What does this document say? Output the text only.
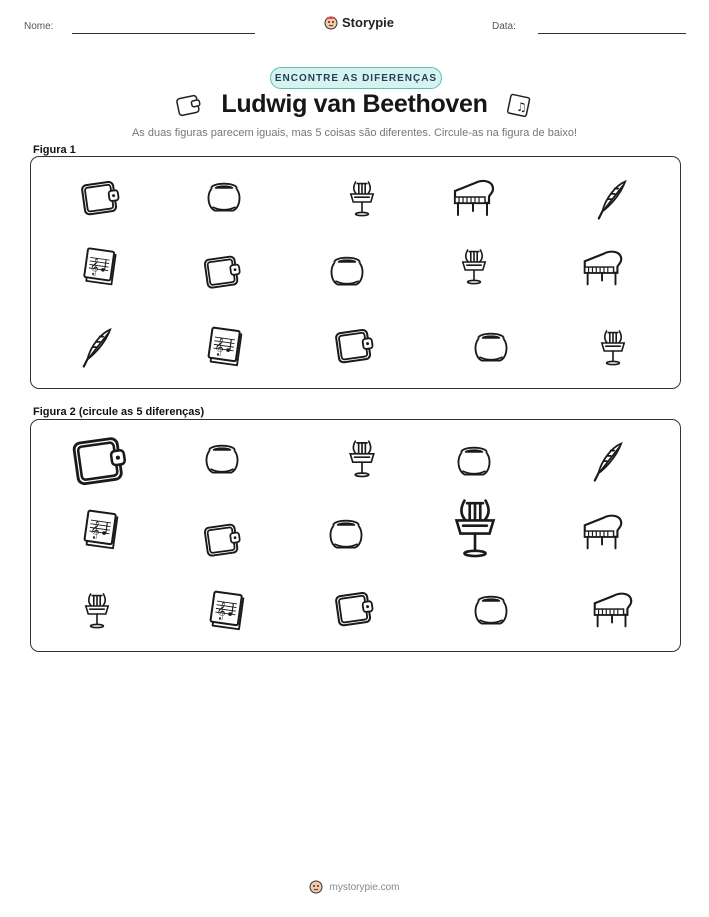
Nome:	Storypie	Data:
ENCONTRE AS DIFERENÇAS
Ludwig van Beethoven	♫
As duas figuras parecem iguais, mas 5 coisas são diferentes. Circule-as na figura de baixo!
Figura 1
Figura 2 (circule as 5 diferenças)
𝄞
𝄞
𝄞
𝄞
mystorypie.com
